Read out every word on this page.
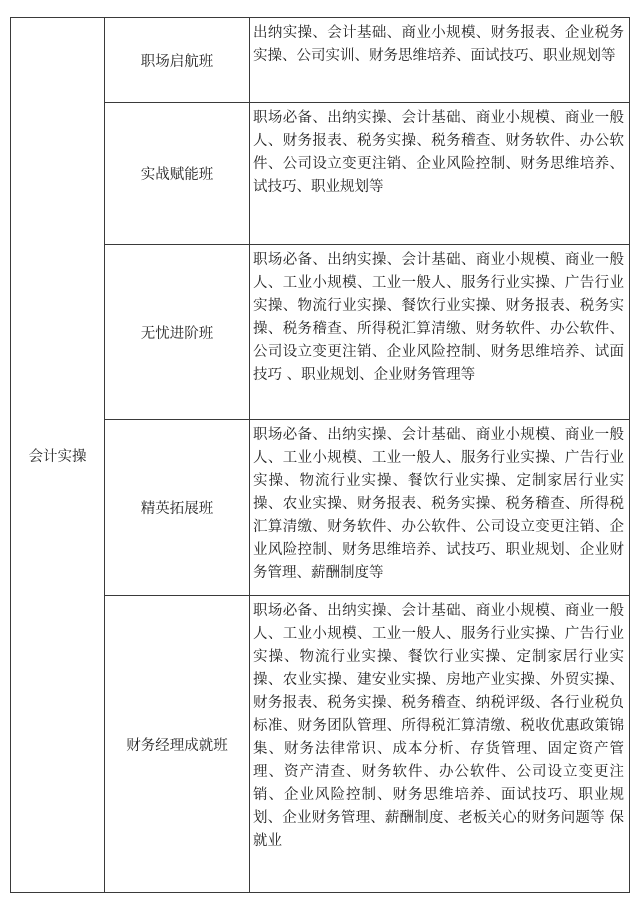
会计实操	职场启航班	出纳实操、会计基础、商业小规模、财务报表、企业税务实操、公司实训、财务思维培养、面试技巧、职业规划等
	实战赋能班	职场必备、出纳实操、会计基础、商业小规模、商业一般人、财务报表、税务实操、税务稽查、财务软件、办公软件、公司设立变更注销、企业风险控制、财务思维培养、试技巧、职业规划等
	无忧进阶班	职场必备、出纳实操、会计基础、商业小规模、商业一般人、工业小规模、工业一般人、服务行业实操、广告行业实操、物流行业实操、餐饮行业实操、财务报表、税务实操、税务稽查、所得税汇算清缴、财务软件、办公软件、公司设立变更注销、企业风险控制、财务思维培养、试面技巧 、职业规划、企业财务管理等
	精英拓展班	职场必备、出纳实操、会计基础、商业小规模、商业一般人、工业小规模、工业一般人、服务行业实操、广告行业实操、物流行业实操、餐饮行业实操、定制家居行业实操、农业实操、财务报表、税务实操、税务稽查、所得税汇算清缴、财务软件、办公软件、公司设立变更注销、企业风险控制、财务思维培养、试技巧、职业规划、企业财务管理、薪酬制度等
	财务经理成就班	职场必备、出纳实操、会计基础、商业小规模、商业一般人、工业小规模、工业一般人、服务行业实操、广告行业实操、物流行业实操、餐饮行业实操、定制家居行业实操、农业实操、建安业实操、房地产业实操、外贸实操、财务报表、税务实操、税务稽查、纳税评级、各行业税负标准、财务团队管理、所得税汇算清缴、税收优惠政策锦集、财务法律常识、成本分析、存货管理、固定资产管理、资产清查、财务软件、办公软件、公司设立变更注销、企业风险控制、财务思维培养、面试技巧、职业规划、企业财务管理、薪酬制度、老板关心的财务问题等 保就业
